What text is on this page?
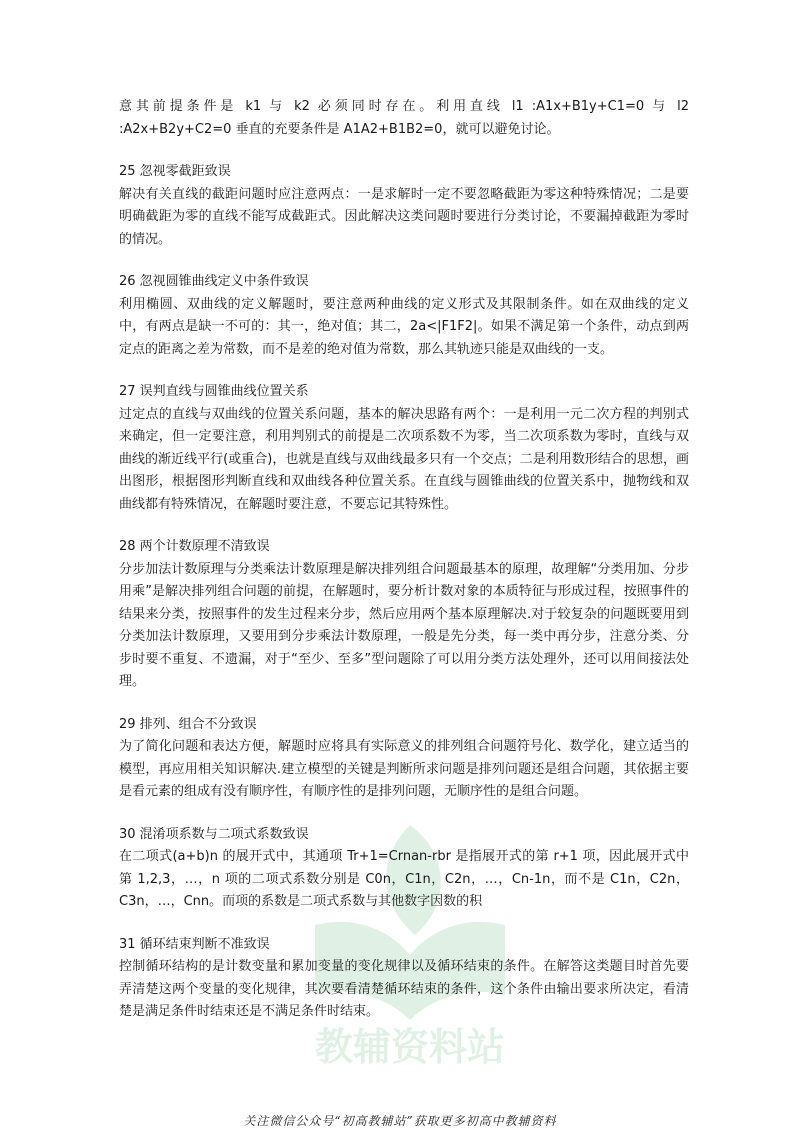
教辅资料站

意其前提条件是 k1 与 k2 必须同时存在。利用直线 l1 :A1x+B1y+C1=0 与 l2 :A2x+B2y+C2=0 垂直的充要条件是 A1A2+B1B2=0，就可以避免讨论。

25 忽视零截距致误

解决有关直线的截距问题时应注意两点：一是求解时一定不要忽略截距为零这种特殊情况；二是要明确截距为零的直线不能写成截距式。因此解决这类问题时要进行分类讨论，不要漏掉截距为零时的情况。

26 忽视圆锥曲线定义中条件致误

利用椭圆、双曲线的定义解题时，要注意两种曲线的定义形式及其限制条件。如在双曲线的定义中，有两点是缺一不可的：其一，绝对值；其二，2a<|F1F2|。如果不满足第一个条件，动点到两定点的距离之差为常数，而不是差的绝对值为常数，那么其轨迹只能是双曲线的一支。

27 误判直线与圆锥曲线位置关系

过定点的直线与双曲线的位置关系问题，基本的解决思路有两个：一是利用一元二次方程的判别式来确定，但一定要注意，利用判别式的前提是二次项系数不为零，当二次项系数为零时，直线与双曲线的渐近线平行(或重合)，也就是直线与双曲线最多只有一个交点；二是利用数形结合的思想，画出图形，根据图形判断直线和双曲线各种位置关系。在直线与圆锥曲线的位置关系中，抛物线和双曲线都有特殊情况，在解题时要注意，不要忘记其特殊性。

28 两个计数原理不清致误

分步加法计数原理与分类乘法计数原理是解决排列组合问题最基本的原理，故理解“分类用加、分步用乘”是解决排列组合问题的前提，在解题时，要分析计数对象的本质特征与形成过程，按照事件的结果来分类，按照事件的发生过程来分步，然后应用两个基本原理解决.对于较复杂的问题既要用到分类加法计数原理，又要用到分步乘法计数原理，一般是先分类，每一类中再分步，注意分类、分步时要不重复、不遗漏，对于“至少、至多”型问题除了可以用分类方法处理外，还可以用间接法处理。

29 排列、组合不分致误

为了简化问题和表达方便，解题时应将具有实际意义的排列组合问题符号化、数学化，建立适当的模型，再应用相关知识解决.建立模型的关键是判断所求问题是排列问题还是组合问题，其依据主要是看元素的组成有没有顺序性，有顺序性的是排列问题，无顺序性的是组合问题。

30 混淆项系数与二项式系数致误

在二项式(a+b)n 的展开式中，其通项 Tr+1=Crnan-rbr 是指展开式的第 r+1 项，因此展开式中第 1,2,3，…，n 项的二项式系数分别是 C0n，C1n，C2n，…，Cn-1n，而不是 C1n，C2n，C3n，…，Cnn。而项的系数是二项式系数与其他数字因数的积

31 循环结束判断不准致误

控制循环结构的是计数变量和累加变量的变化规律以及循环结束的条件。在解答这类题目时首先要弄清楚这两个变量的变化规律，其次要看清楚循环结束的条件，这个条件由输出要求所决定，看清楚是满足条件时结束还是不满足条件时结束。

关注微信公众号“初高教辅站”获取更多初高中教辅资料
